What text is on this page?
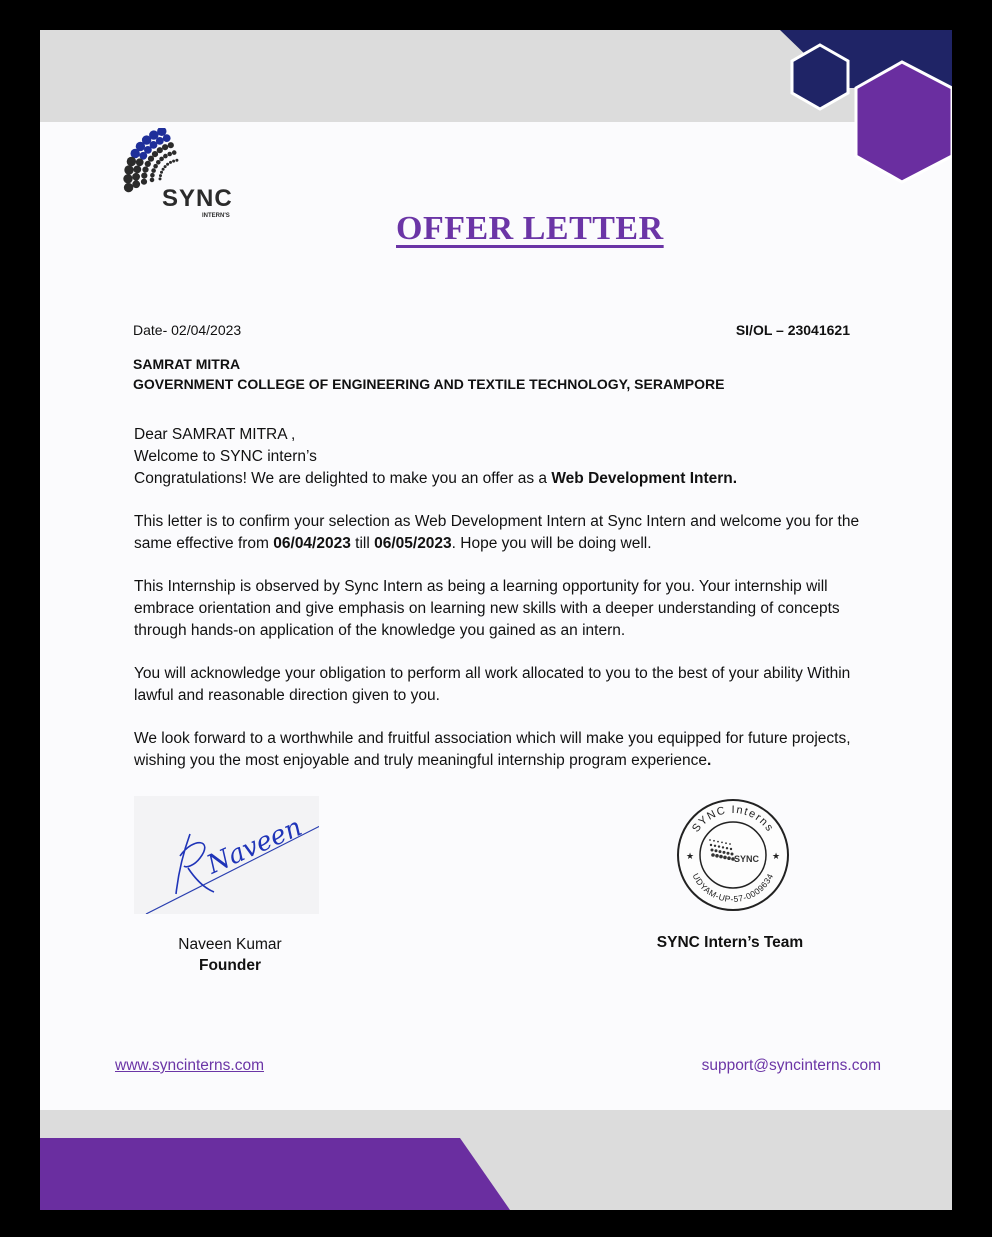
SYNC
INTERN'S	OFFER LETTER
Date- 02/04/2023	SI/OL – 23041621
SAMRAT MITRA
GOVERNMENT COLLEGE OF ENGINEERING AND TEXTILE TECHNOLOGY, SERAMPORE

Dear SAMRAT MITRA ,
Welcome to SYNC intern’s
Congratulations! We are delighted to make you an offer as a Web Development Intern.

This letter is to confirm your selection as Web Development Intern at Sync Intern and welcome you for the same effective from 06/04/2023 till 06/05/2023. Hope you will be doing well.

This Internship is observed by Sync Intern as being a learning opportunity for you. Your internship will embrace orientation and give emphasis on learning new skills with a deeper understanding of concepts through hands-on application of the knowledge you gained as an intern.

You will acknowledge your obligation to perform all work allocated to you to the best of your ability Within lawful and reasonable direction given to you.

We look forward to a worthwhile and fruitful association which will make you equipped for future projects, wishing you the most enjoyable and truly meaningful internship program experience.

Naveen
Naveen Kumar
Founder
SYNC Interns
UDYAM-UP-57-0009634
★	★
SYNC
SYNC Intern’s Team
www.syncinterns.com	support@syncinterns.com
